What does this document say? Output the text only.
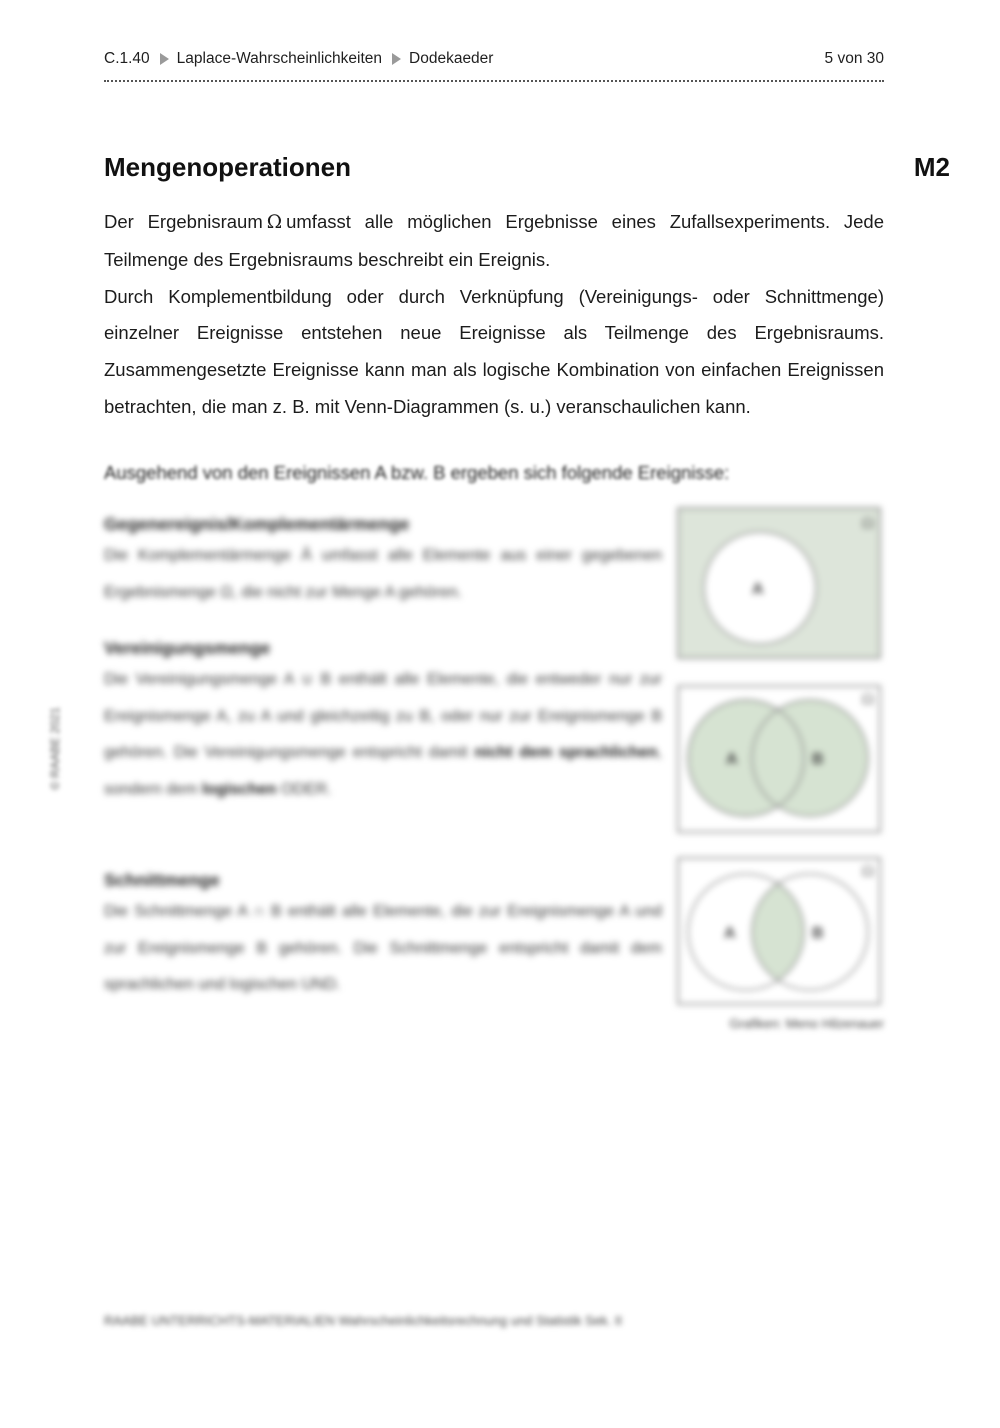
C.1.40 Laplace-Wahrscheinlichkeiten Dodekaeder	5 von 30
Mengenoperationen	M2

Der Ergebnisraum Ω umfasst alle möglichen Ergebnisse eines Zufallsexperiments. Jede Teilmenge des Ergebnisraums beschreibt ein Ereignis.

Durch Komplementbildung oder durch Verknüpfung (Vereinigungs- oder Schnittmenge) einzelner Ereignisse entstehen neue Ereignisse als Teilmenge des Ergebnisraums. Zusammengesetzte Ereignisse kann man als logische Kombination von einfachen Ereignissen betrachten, die man z. B. mit Venn-Diagrammen (s. u.) veranschaulichen kann.

Ausgehend von den Ereignissen A bzw. B ergeben sich folgende Ereignisse:
Gegenereignis/Komplementärmenge

Die Komplementärmenge Ā umfasst alle Elemente aus einer gegebenen Ergebnismenge Ω, die nicht zur Menge A gehören.

Vereinigungsmenge

Die Vereinigungsmenge A ∪ B enthält alle Elemente, die entweder nur zur Ereignismenge A, zu A und gleichzeitig zu B, oder nur zur Ereignismenge B gehören. Die Vereinigungsmenge entspricht damit nicht dem sprachlichen, sondern dem logischen ODER.

Schnittmenge

Die Schnittmenge A ∩ B enthält alle Elemente, die zur Ereignismenge A und zur Ereignismenge B gehören. Die Schnittmenge entspricht damit dem sprachlichen und logischen UND.

Ω
A
Ω
A	B
Ω
A	B
Grafiken: Meno Hilzenauer
© RAABE 2021
RAABE UNTERRICHTS-MATERIALIEN Wahrscheinlichkeitsrechnung und Statistik Sek. II
